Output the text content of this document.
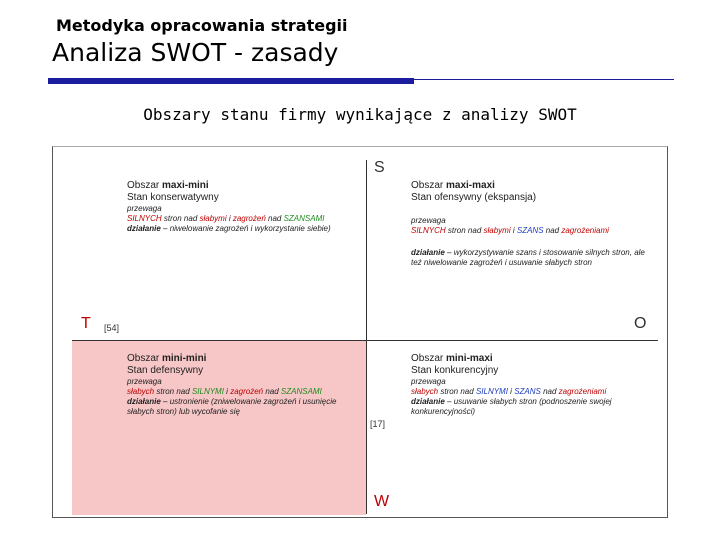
Metodyka opracowania strategii
Analiza SWOT - zasady
Obszary stanu firmy wynikające z analizy SWOT
S
W
T	O
[54]
[17]
Obszar maxi-mini
Stan konserwatywny
przewaga
SILNYCH stron nad słabymi i zagrożeń nad SZANSAMI
działanie – niwelowanie zagrożeń i wykorzystanie siebie)
Obszar maxi-maxi
Stan ofensywny (ekspansja)
przewaga
SILNYCH stron nad słabymi i SZANS nad zagrożeniami
działanie – wykorzystywanie szans i stosowanie silnych stron, ale też niwelowanie zagrożeń i usuwanie słabych stron
Obszar mini-mini
Stan defensywny
przewaga
słabych stron nad SILNYMI i zagrożeń nad SZANSAMI
działanie – ustronienie (zniwelowanie zagrożeń i usunięcie słabych stron) lub wycofanie się
Obszar mini-maxi
Stan konkurencyjny
przewaga
słabych stron nad SILNYMI i SZANS nad zagrożeniami
działanie – usuwanie słabych stron (podnoszenie swojej konkurencyjności)
